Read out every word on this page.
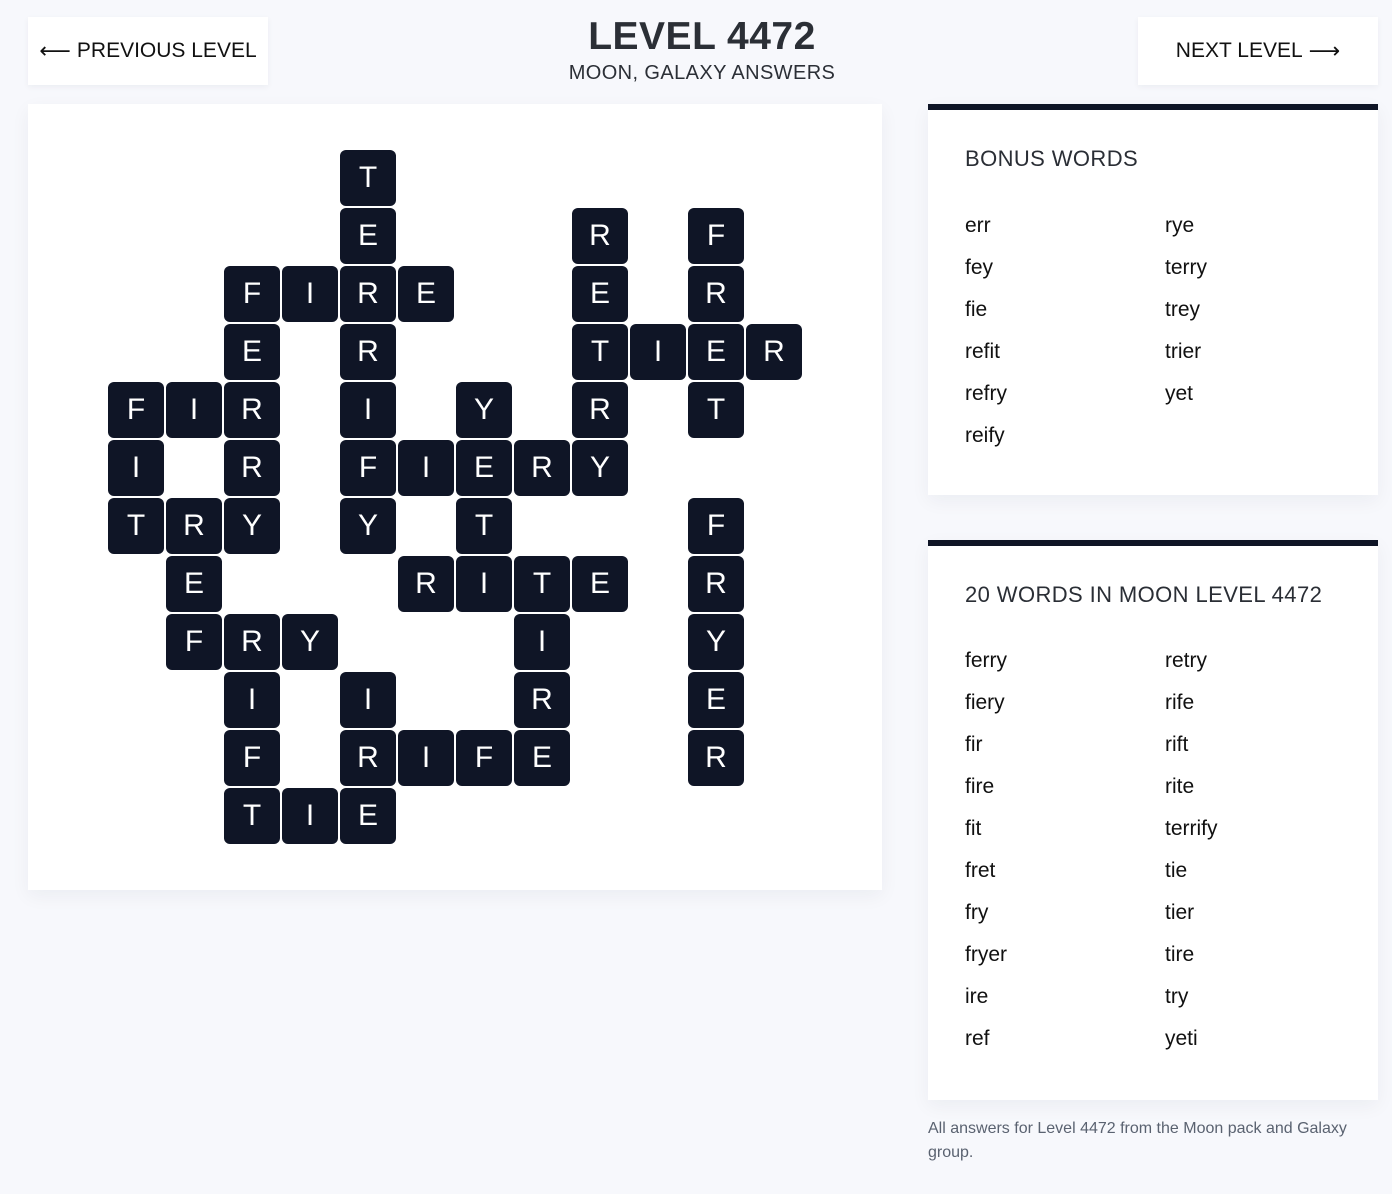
⟵ PREVIOUS LEVEL	LEVEL 4472
MOON, GALAXY ANSWERS
NEXT LEVEL ⟶
T
E	R	F
F	I	R	E	E	R
E	R	T	I	E	R
F	I	R	I	Y	R	T
I	R	F	I	E	R	Y
T	R	Y	Y	T	F
E	R	I	T	E	R
F	R	Y	I	Y
I	I	R	E
F	R	I	F	E	R
T	I	E
BONUS WORDS
err
fey
fie
refit
refry
reify
rye
terry
trey
trier
yet
20 WORDS IN MOON LEVEL 4472
ferry
fiery
fir
fire
fit
fret
fry
fryer
ire
ref
retry
rife
rift
rite
terrify
tie
tier
tire
try
yeti
All answers for Level 4472 from the Moon pack and Galaxy group.
